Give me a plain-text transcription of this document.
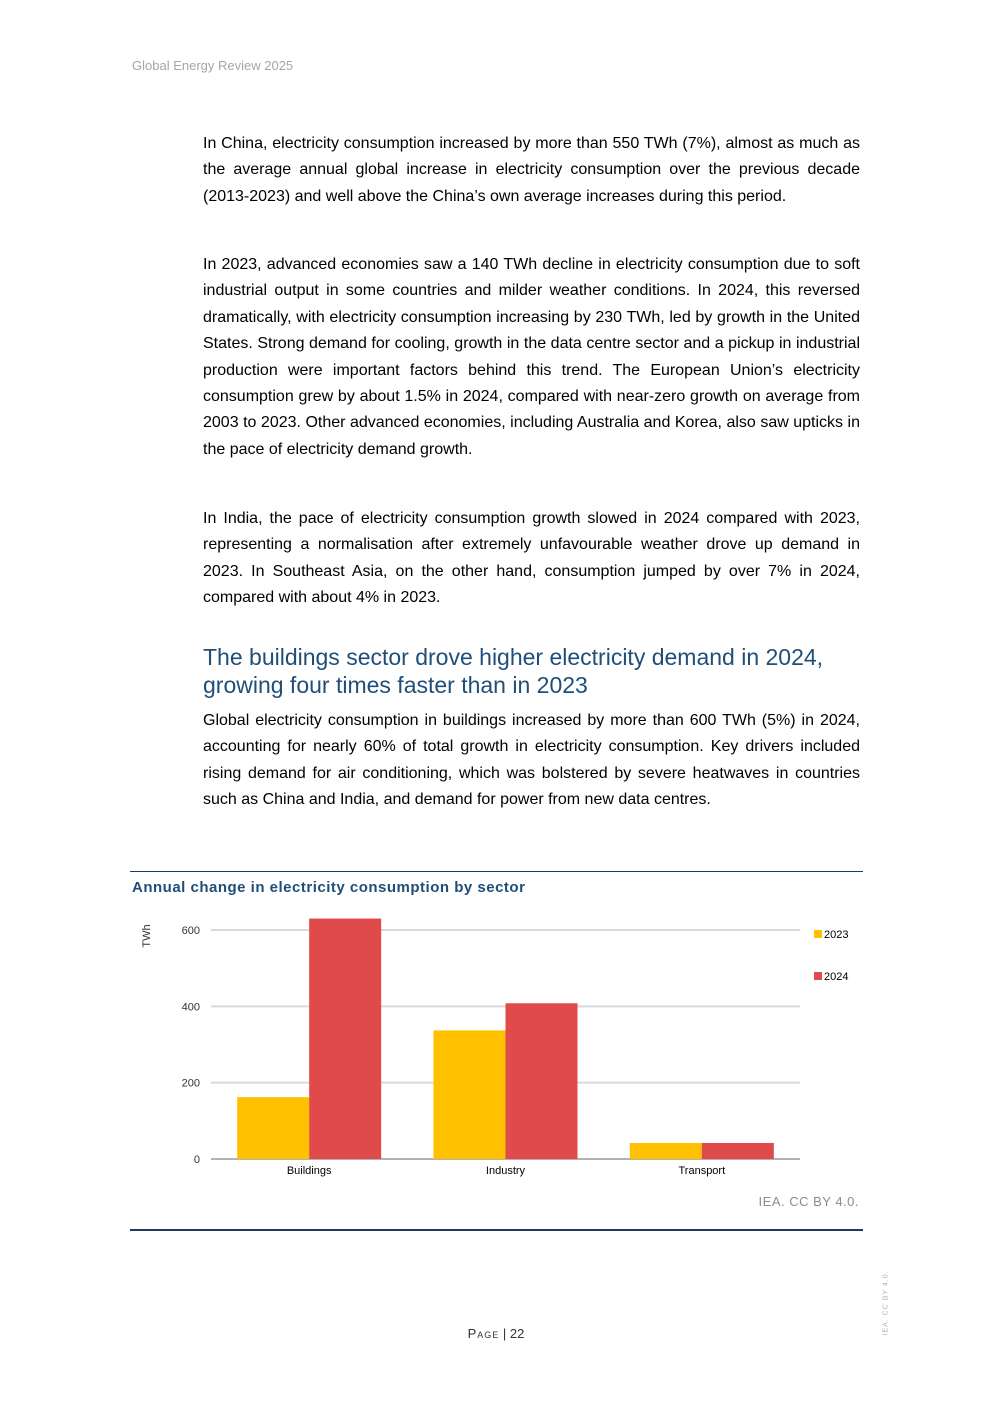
Global Energy Review 2025

In China, electricity consumption increased by more than 550 TWh (7%), almost as much as the average annual global increase in electricity consumption over the previous decade (2013-2023) and well above the China’s own average increases during this period.

In 2023, advanced economies saw a 140 TWh decline in electricity consumption due to soft industrial output in some countries and milder weather conditions. In 2024, this reversed dramatically, with electricity consumption increasing by 230 TWh, led by growth in the United States. Strong demand for cooling, growth in the data centre sector and a pickup in industrial production were important factors behind this trend. The European Union’s electricity consumption grew by about 1.5% in 2024, compared with near-zero growth on average from 2003 to 2023. Other advanced economies, including Australia and Korea, also saw upticks in the pace of electricity demand growth.

In India, the pace of electricity consumption growth slowed in 2024 compared with 2023, representing a normalisation after extremely unfavourable weather drove up demand in 2023. In Southeast Asia, on the other hand, consumption jumped by over 7% in 2024, compared with about 4% in 2023.

The buildings sector drove higher electricity demand in 2024, growing four times faster than in 2023

Global electricity consumption in buildings increased by more than 600 TWh (5%) in 2024, accounting for nearly 60% of total growth in electricity consumption. Key drivers included rising demand for air conditioning, which was bolstered by severe heatwaves in countries such as China and India, and demand for power from new data centres.

Annual change in electricity consumption by sector
0
200
400
600
TWh
Buildings	Industry	Transport
2023
2024
IEA. CC BY 4.0.
Page | 22	IEA. CC BY 4.0.
